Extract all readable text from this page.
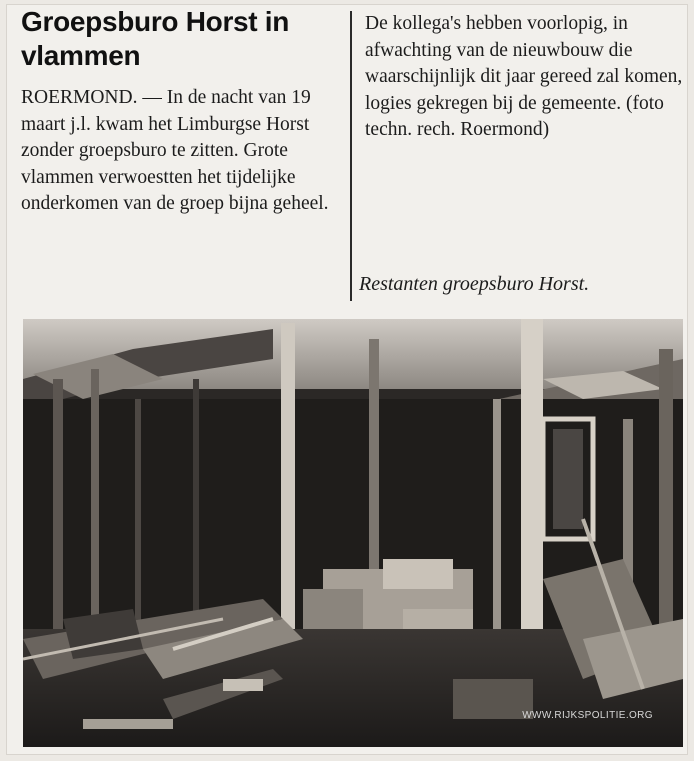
Groepsburo Horst in vlammen

ROERMOND. — In de nacht van 19 maart j.l. kwam het Limburgse Horst zonder groepsburo te zitten. Grote vlammen verwoestten het tijdelijke onderkomen van de groep bijna geheel.

De kollega's hebben voorlopig, in afwachting van de nieuwbouw die waarschijnlijk dit jaar gereed zal komen, logies gekregen bij de gemeente. (foto techn. rech. Roermond)

Restanten groepsburo Horst.
WWW.RIJKSPOLITIE.ORG
